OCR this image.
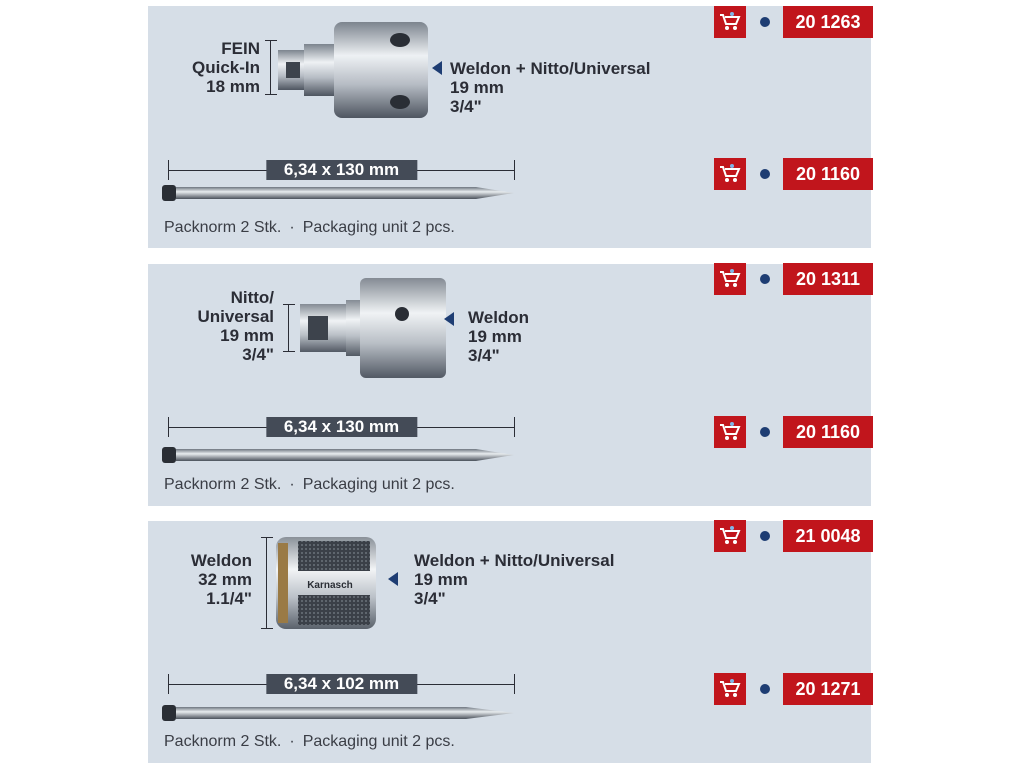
FEIN
Quick-In
18 mm
Weldon + Nitto/Universal
19 mm
3/4"
6,34 x 130 mm
Packnorm 2 Stk. · Packaging unit 2 pcs.
20 1263
20 1160
Nitto/
Universal
19 mm
3/4"
Weldon
19 mm
3/4"
6,34 x 130 mm
Packnorm 2 Stk. · Packaging unit 2 pcs.
20 1311
20 1160
Weldon
32 mm
1.1/4"
Karnasch
Weldon + Nitto/Universal
19 mm
3/4"
6,34 x 102 mm
Packnorm 2 Stk. · Packaging unit 2 pcs.
21 0048
20 1271
